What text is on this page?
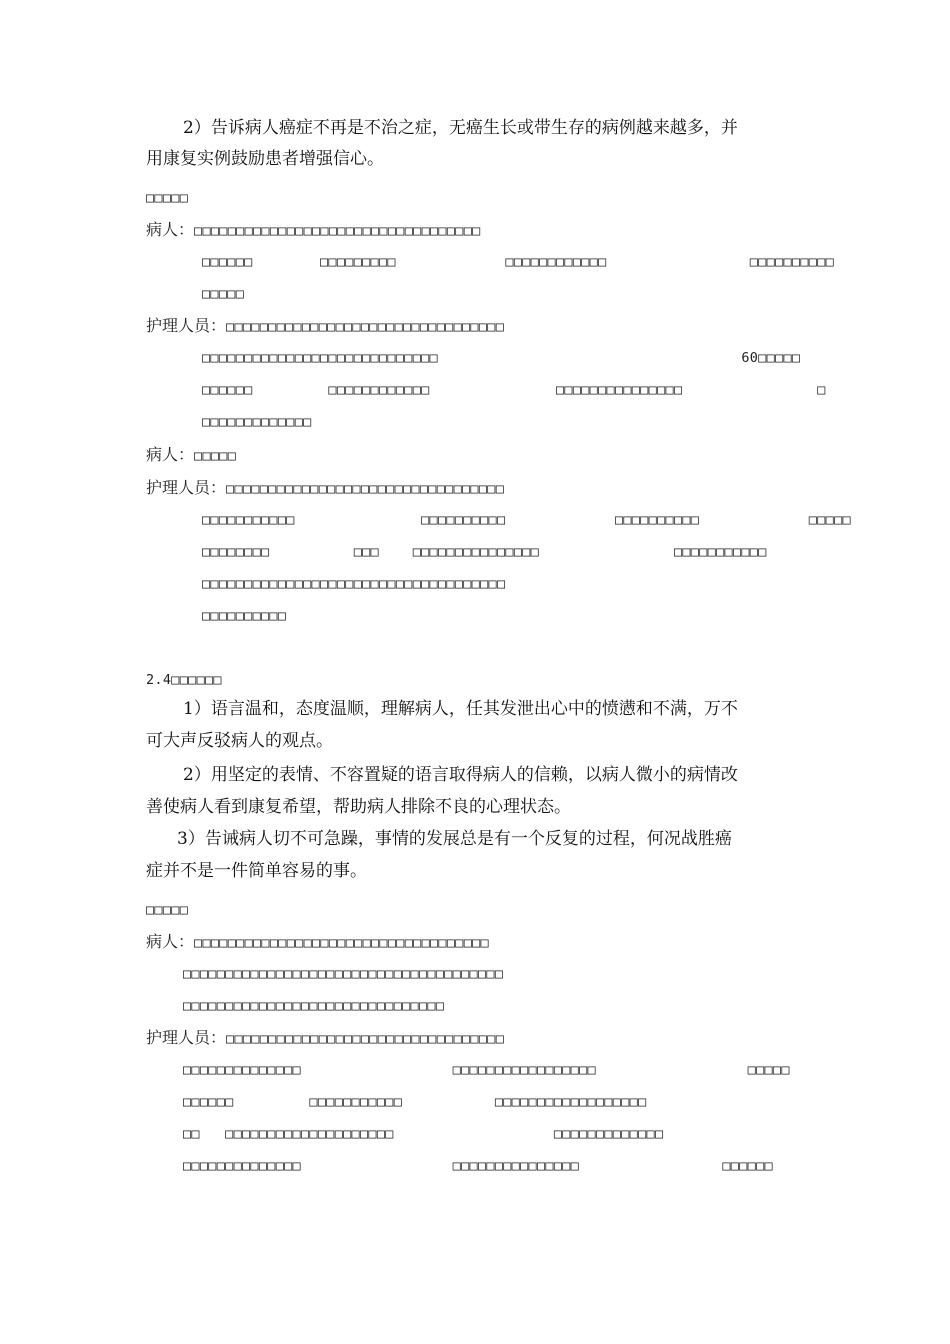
2）告诉病人癌症不再是不治之症，无癌生长或带生存的病例越来越多，并
用康复实例鼓励患者增强信心。
□□□□□
病人：□□□□□□□□□□□□□□□□□□□□□□□□□□□□□□□□□□
□□□□□□        □□□□□□□□□             □□□□□□□□□□□□                 □□□□□□□□□□
□□□□□
护理人员：□□□□□□□□□□□□□□□□□□□□□□□□□□□□□□□□□
□□□□□□□□□□□□□□□□□□□□□□□□□□□□                                    60□□□□□
□□□□□□         □□□□□□□□□□□□               □□□□□□□□□□□□□□□                □
□□□□□□□□□□□□□
病人：□□□□□
护理人员：□□□□□□□□□□□□□□□□□□□□□□□□□□□□□□□□□
□□□□□□□□□□□               □□□□□□□□□□             □□□□□□□□□□             □□□□□
□□□□□□□□          □□□    □□□□□□□□□□□□□□□                □□□□□□□□□□□
□□□□□□□□□□□□□□□□□□□□□□□□□□□□□□□□□□□□
□□□□□□□□□□
2.4□□□□□□
1）语言温和，态度温顺，理解病人，任其发泄出心中的愤懑和不满，万不
可大声反驳病人的观点。
2）用坚定的表情、不容置疑的语言取得病人的信赖，以病人微小的病情改
善使病人看到康复希望，帮助病人排除不良的心理状态。
3）告诫病人切不可急躁，事情的发展总是有一个反复的过程，何况战胜癌
症并不是一件简单容易的事。
□□□□□
病人：□□□□□□□□□□□□□□□□□□□□□□□□□□□□□□□□□□□
□□□□□□□□□□□□□□□□□□□□□□□□□□□□□□□□□□□□□□
□□□□□□□□□□□□□□□□□□□□□□□□□□□□□□□
护理人员：□□□□□□□□□□□□□□□□□□□□□□□□□□□□□□□□□
□□□□□□□□□□□□□□                  □□□□□□□□□□□□□□□□□                  □□□□□
□□□□□□         □□□□□□□□□□□           □□□□□□□□□□□□□□□□□□
□□   □□□□□□□□□□□□□□□□□□□□                   □□□□□□□□□□□□□
□□□□□□□□□□□□□□                  □□□□□□□□□□□□□□□                 □□□□□□
